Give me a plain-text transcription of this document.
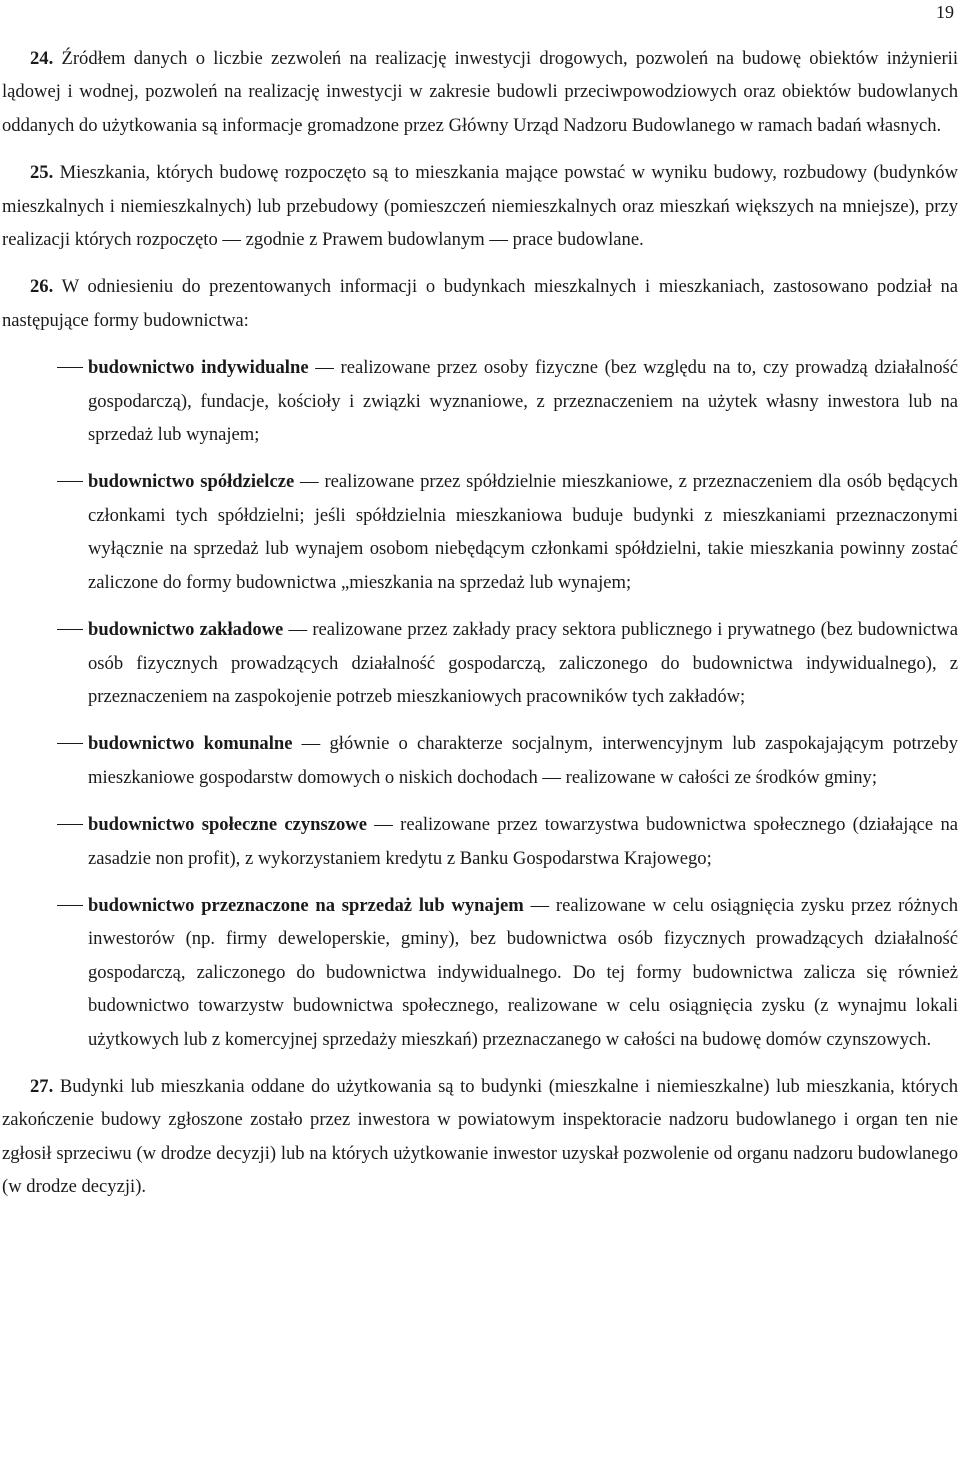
19

24. Źródłem danych o liczbie zezwoleń na realizację inwestycji drogowych, pozwoleń na budowę obiektów inżynierii lądowej i wodnej, pozwoleń na realizację inwestycji w zakresie budowli przeciwpowodziowych oraz obiektów budowlanych oddanych do użytkowania są informacje gromadzone przez Główny Urząd Nadzoru Budowlanego w ramach badań własnych.

25. Mieszkania, których budowę rozpoczęto są to mieszkania mające powstać w wyniku budowy, rozbudowy (budynków mieszkalnych i niemieszkalnych) lub przebudowy (pomieszczeń niemieszkalnych oraz mieszkań większych na mniejsze), przy realizacji których rozpoczęto — zgodnie z Prawem budowlanym — prace budowlane.

26. W odniesieniu do prezentowanych informacji o budynkach mieszkalnych i mieszkaniach, zastosowano podział na następujące formy budownictwa:

budownictwo indywidualne — realizowane przez osoby fizyczne (bez względu na to, czy prowadzą działalność gospodarczą), fundacje, kościoły i związki wyznaniowe, z przeznaczeniem na użytek własny inwestora lub na sprzedaż lub wynajem;
budownictwo spółdzielcze — realizowane przez spółdzielnie mieszkaniowe, z przeznaczeniem dla osób będących członkami tych spółdzielni; jeśli spółdzielnia mieszkaniowa buduje budynki z mieszkaniami przeznaczonymi wyłącznie na sprzedaż lub wynajem osobom niebędącym członkami spółdzielni, takie mieszkania powinny zostać zaliczone do formy budownictwa „mieszkania na sprzedaż lub wynajem;
budownictwo zakładowe — realizowane przez zakłady pracy sektora publicznego i prywatnego (bez budownictwa osób fizycznych prowadzących działalność gospodarczą, zaliczonego do budownictwa indywidualnego), z przeznaczeniem na zaspokojenie potrzeb mieszkaniowych pracowników tych zakładów;
budownictwo komunalne — głównie o charakterze socjalnym, interwencyjnym lub zaspokajającym potrzeby mieszkaniowe gospodarstw domowych o niskich dochodach — realizowane w całości ze środków gminy;
budownictwo społeczne czynszowe — realizowane przez towarzystwa budownictwa społecznego (działające na zasadzie non profit), z wykorzystaniem kredytu z Banku Gospodarstwa Krajowego;
budownictwo przeznaczone na sprzedaż lub wynajem — realizowane w celu osiągnięcia zysku przez różnych inwestorów (np. firmy deweloperskie, gminy), bez budownictwa osób fizycznych prowadzących działalność gospodarczą, zaliczonego do budownictwa indywidualnego. Do tej formy budownictwa zalicza się również budownictwo towarzystw budownictwa społecznego, realizowane w celu osiągnięcia zysku (z wynajmu lokali użytkowych lub z komercyjnej sprzedaży mieszkań) przeznaczanego w całości na budowę domów czynszowych.

27. Budynki lub mieszkania oddane do użytkowania są to budynki (mieszkalne i niemieszkalne) lub mieszkania, których zakończenie budowy zgłoszone zostało przez inwestora w powiatowym inspektoracie nadzoru budowlanego i organ ten nie zgłosił sprzeciwu (w drodze decyzji) lub na których użytkowanie inwestor uzyskał pozwolenie od organu nadzoru budowlanego (w drodze decyzji).
